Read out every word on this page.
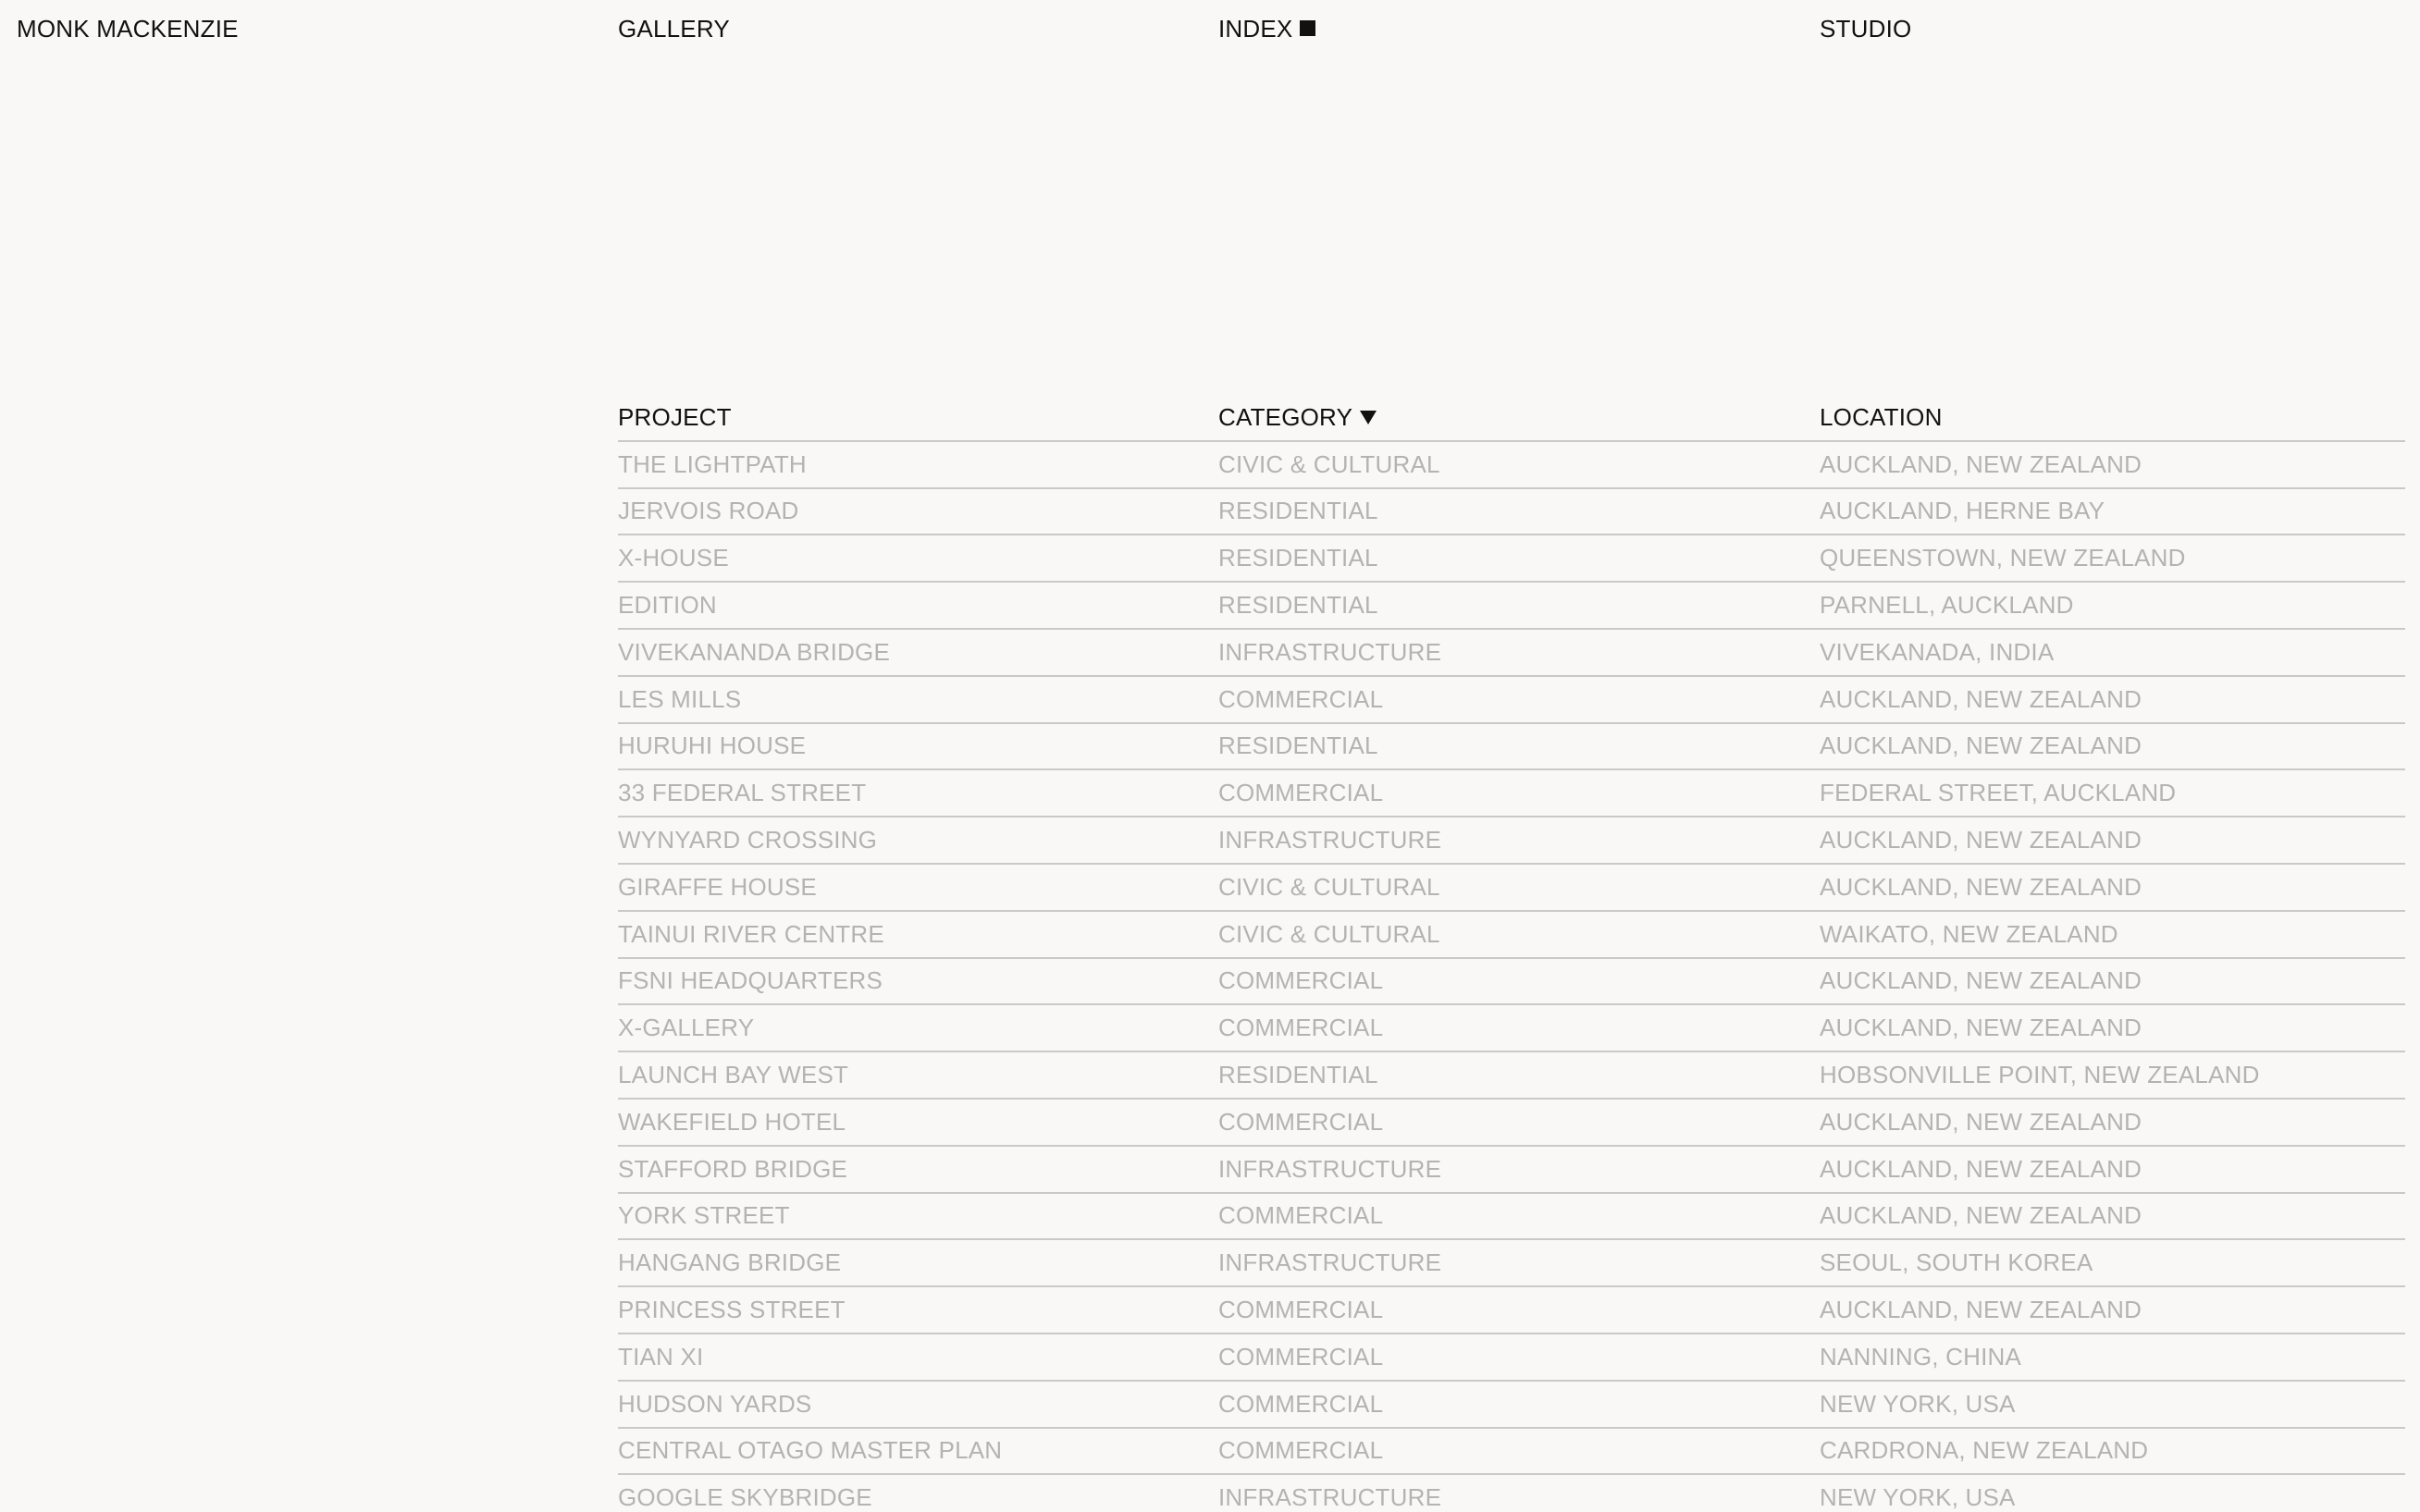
MONK MACKENZIE	GALLERY	INDEX	STUDIO
PROJECT	CATEGORY	LOCATION
THE LIGHTPATH	CIVIC & CULTURAL	AUCKLAND, NEW ZEALAND
JERVOIS ROAD	RESIDENTIAL	AUCKLAND, HERNE BAY
X-HOUSE	RESIDENTIAL	QUEENSTOWN, NEW ZEALAND
EDITION	RESIDENTIAL	PARNELL, AUCKLAND
VIVEKANANDA BRIDGE	INFRASTRUCTURE	VIVEKANADA, INDIA
LES MILLS	COMMERCIAL	AUCKLAND, NEW ZEALAND
HURUHI HOUSE	RESIDENTIAL	AUCKLAND, NEW ZEALAND
33 FEDERAL STREET	COMMERCIAL	FEDERAL STREET, AUCKLAND
WYNYARD CROSSING	INFRASTRUCTURE	AUCKLAND, NEW ZEALAND
GIRAFFE HOUSE	CIVIC & CULTURAL	AUCKLAND, NEW ZEALAND
TAINUI RIVER CENTRE	CIVIC & CULTURAL	WAIKATO, NEW ZEALAND
FSNI HEADQUARTERS	COMMERCIAL	AUCKLAND, NEW ZEALAND
X-GALLERY	COMMERCIAL	AUCKLAND, NEW ZEALAND
LAUNCH BAY WEST	RESIDENTIAL	HOBSONVILLE POINT, NEW ZEALAND
WAKEFIELD HOTEL	COMMERCIAL	AUCKLAND, NEW ZEALAND
STAFFORD BRIDGE	INFRASTRUCTURE	AUCKLAND, NEW ZEALAND
YORK STREET	COMMERCIAL	AUCKLAND, NEW ZEALAND
HANGANG BRIDGE	INFRASTRUCTURE	SEOUL, SOUTH KOREA
PRINCESS STREET	COMMERCIAL	AUCKLAND, NEW ZEALAND
TIAN XI	COMMERCIAL	NANNING, CHINA
HUDSON YARDS	COMMERCIAL	NEW YORK, USA
CENTRAL OTAGO MASTER PLAN	COMMERCIAL	CARDRONA, NEW ZEALAND
GOOGLE SKYBRIDGE	INFRASTRUCTURE	NEW YORK, USA
